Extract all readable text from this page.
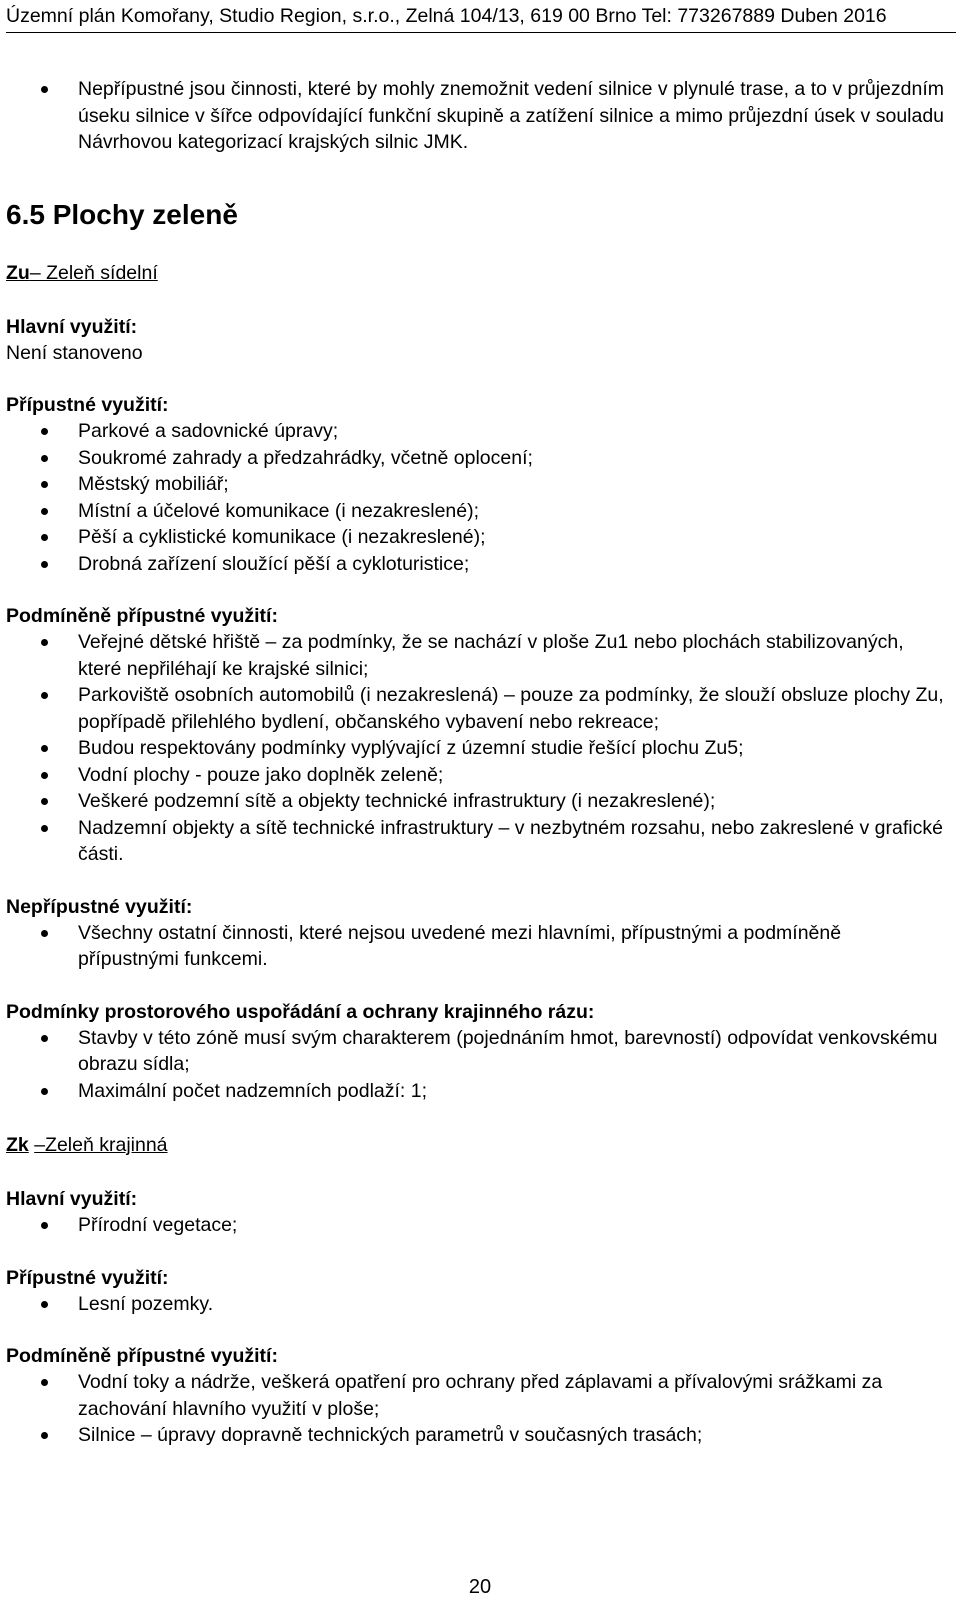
Územní plán Komořany, Studio Region, s.r.o., Zelná 104/13, 619 00 Brno Tel: 773267889 Duben 2016
Nepřípustné jsou činnosti, které by mohly znemožnit vedení silnice v plynulé trase, a to v průjezdním úseku silnice v šířce odpovídající funkční skupině a zatížení silnice a mimo průjezdní úsek v souladu Návrhovou kategorizací krajských silnic JMK.

6.5 Plochy zeleně

Zu– Zeleň sídelní

Hlavní využití:

Není stanoveno

Přípustné využití:

Parkové a sadovnické úpravy;
Soukromé zahrady a předzahrádky, včetně oplocení;
Městský mobiliář;
Místní a účelové komunikace (i nezakreslené);
Pěší a cyklistické komunikace (i nezakreslené);
Drobná zařízení sloužící pěší a cykloturistice;

Podmíněně přípustné využití:

Veřejné dětské hřiště – za podmínky, že se nachází v ploše Zu1 nebo plochách stabilizovaných, které nepřiléhají ke krajské silnici;
Parkoviště osobních automobilů (i nezakreslená) – pouze za podmínky, že slouží obsluze plochy Zu, popřípadě přilehlého bydlení, občanského vybavení nebo rekreace;
Budou respektovány podmínky vyplývající z územní studie řešící plochu Zu5;
Vodní plochy - pouze jako doplněk zeleně;
Veškeré podzemní sítě a objekty technické infrastruktury (i nezakreslené);
Nadzemní objekty a sítě technické infrastruktury – v nezbytném rozsahu, nebo zakreslené v grafické části.

Nepřípustné využití:

Všechny ostatní činnosti, které nejsou uvedené mezi hlavními, přípustnými a podmíněně přípustnými funkcemi.

Podmínky prostorového uspořádání a ochrany krajinného rázu:

Stavby v této zóně musí svým charakterem (pojednáním hmot, barevností) odpovídat venkovskému obrazu sídla;
Maximální počet nadzemních podlaží: 1;

Zk –Zeleň krajinná

Hlavní využití:

Přírodní vegetace;

Přípustné využití:

Lesní pozemky.

Podmíněně přípustné využití:

Vodní toky a nádrže, veškerá opatření pro ochrany před záplavami a přívalovými srážkami za zachování hlavního využití v ploše;
Silnice – úpravy dopravně technických parametrů v současných trasách;
20
